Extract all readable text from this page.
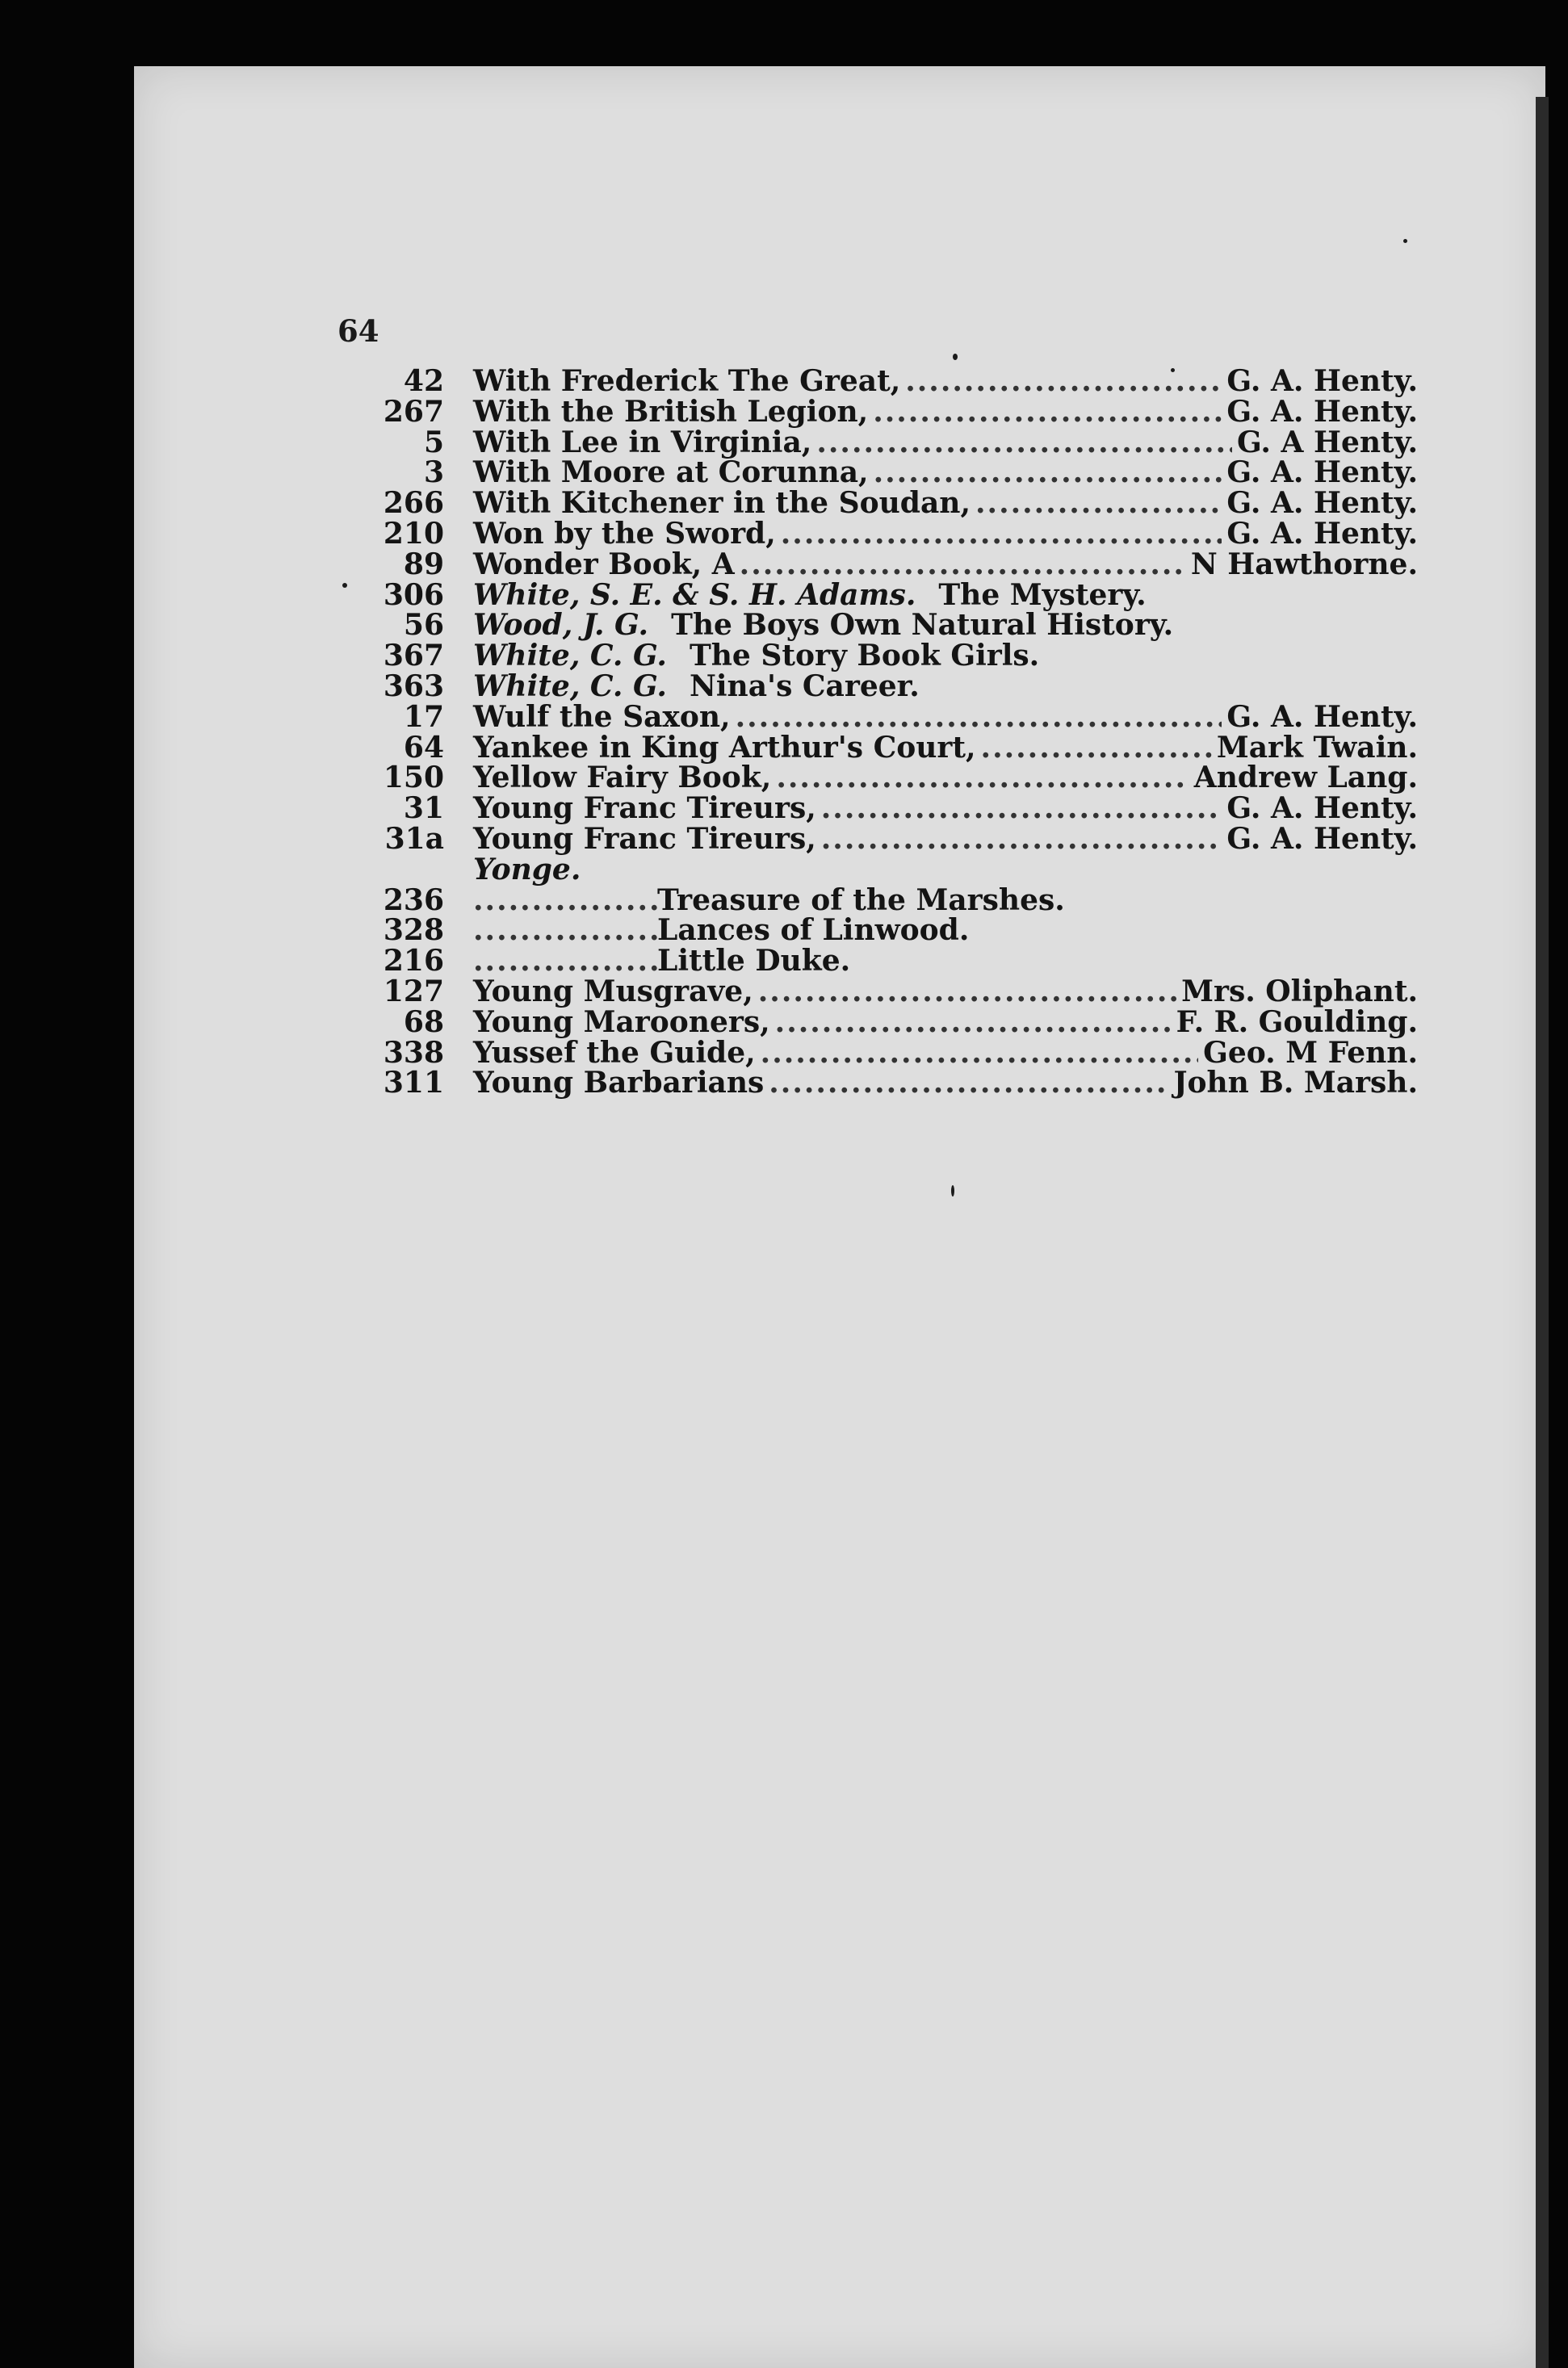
64
42	With Frederick The Great, .....	G. A. Henty.
267	With the British Legion, .....	G. A. Henty.
5	With Lee in Virginia, .....	G. A Henty.
3	With Moore at Corunna, .....	G. A. Henty.
266	With Kitchener in the Soudan, .....	G. A. Henty.
210	Won by the Sword, .....	G. A. Henty.
89	Wonder Book, A .....	N Hawthorne.
306	White, S. E. & S. H. Adams. The Mystery.
56	Wood, J. G. The Boys Own Natural History.
367	White, C. G. The Story Book Girls.
363	White, C. G. Nina's Career.
17	Wulf the Saxon, .....	G. A. Henty.
64	Yankee in King Arthur's Court, .....	Mark Twain.
150	Yellow Fairy Book, .....	Andrew Lang.
31	Young Franc Tireurs, .....	G. A. Henty.
31a	Young Franc Tireurs, .....	G. A. Henty.
Yonge.
236 .....	Treasure of the Marshes.
328 .....	Lances of Linwood.
216 .....	Little Duke.
127	Young Musgrave, .....	Mrs. Oliphant.
68	Young Marooners, .....	F. R. Goulding.
338	Yussef the Guide, .....	Geo. M Fenn.
311	Young Barbarians .....	John B. Marsh.
